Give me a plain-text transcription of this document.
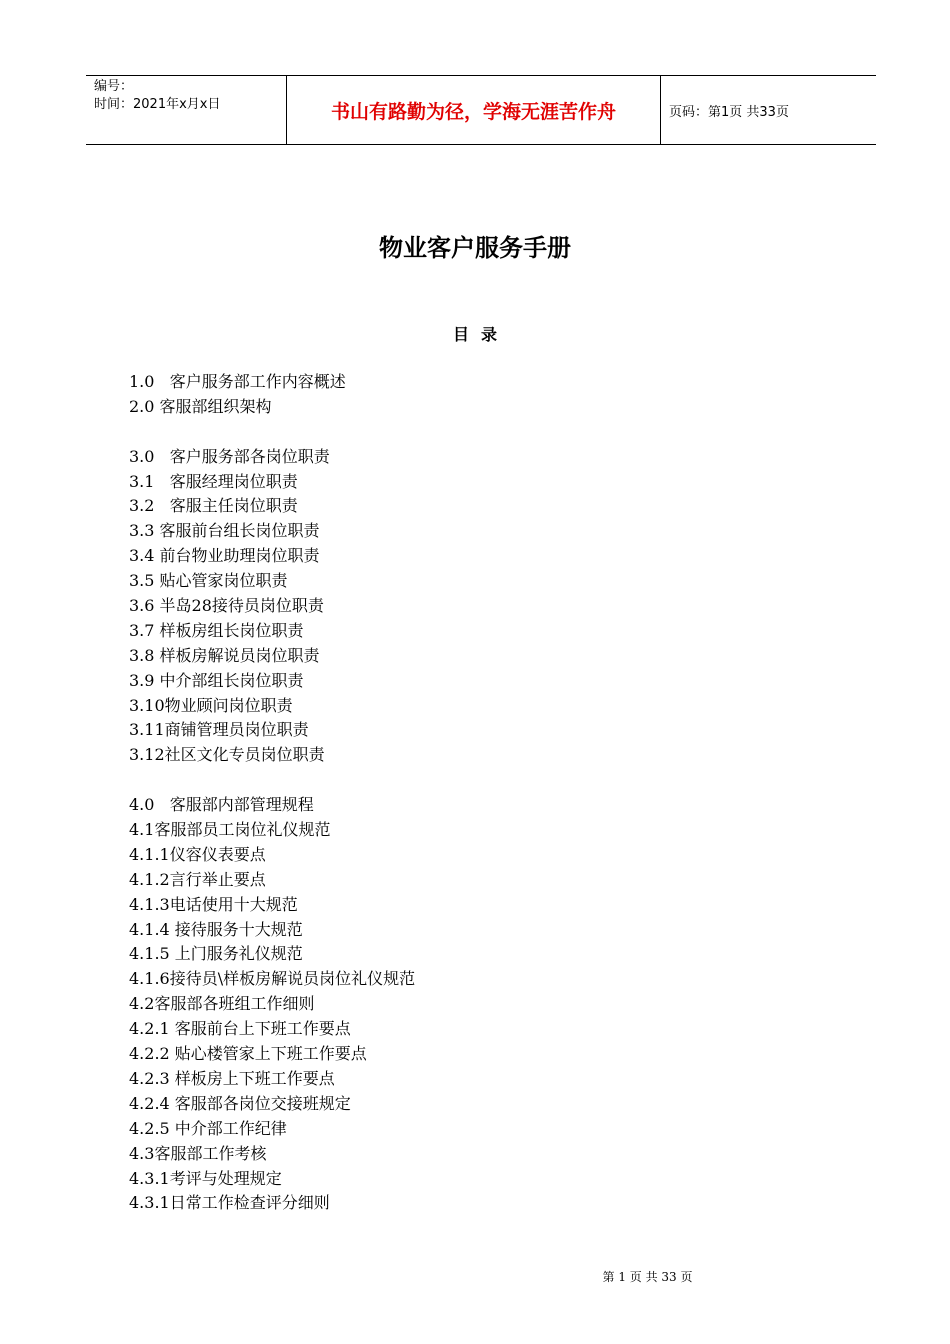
编号：
时间：2021年x月x日	书山有路勤为径，学海无涯苦作舟	页码：第1页 共33页
物业客户服务手册
目录
1.0   客户服务部工作内容概述
2.0 客服部组织架构
3.0   客户服务部各岗位职责
3.1   客服经理岗位职责
3.2   客服主任岗位职责
3.3 客服前台组长岗位职责
3.4 前台物业助理岗位职责
3.5 贴心管家岗位职责
3.6 半岛28接待员岗位职责
3.7 样板房组长岗位职责
3.8 样板房解说员岗位职责
3.9 中介部组长岗位职责
3.10物业顾问岗位职责
3.11商铺管理员岗位职责
3.12社区文化专员岗位职责
4.0   客服部内部管理规程
4.1客服部员工岗位礼仪规范
4.1.1仪容仪表要点
4.1.2言行举止要点
4.1.3电话使用十大规范
4.1.4 接待服务十大规范
4.1.5 上门服务礼仪规范
4.1.6接待员\样板房解说员岗位礼仪规范
4.2客服部各班组工作细则
4.2.1 客服前台上下班工作要点
4.2.2 贴心楼管家上下班工作要点
4.2.3 样板房上下班工作要点
4.2.4 客服部各岗位交接班规定
4.2.5 中介部工作纪律
4.3客服部工作考核
4.3.1考评与处理规定
4.3.1日常工作检查评分细则
第 1 页 共 33 页
